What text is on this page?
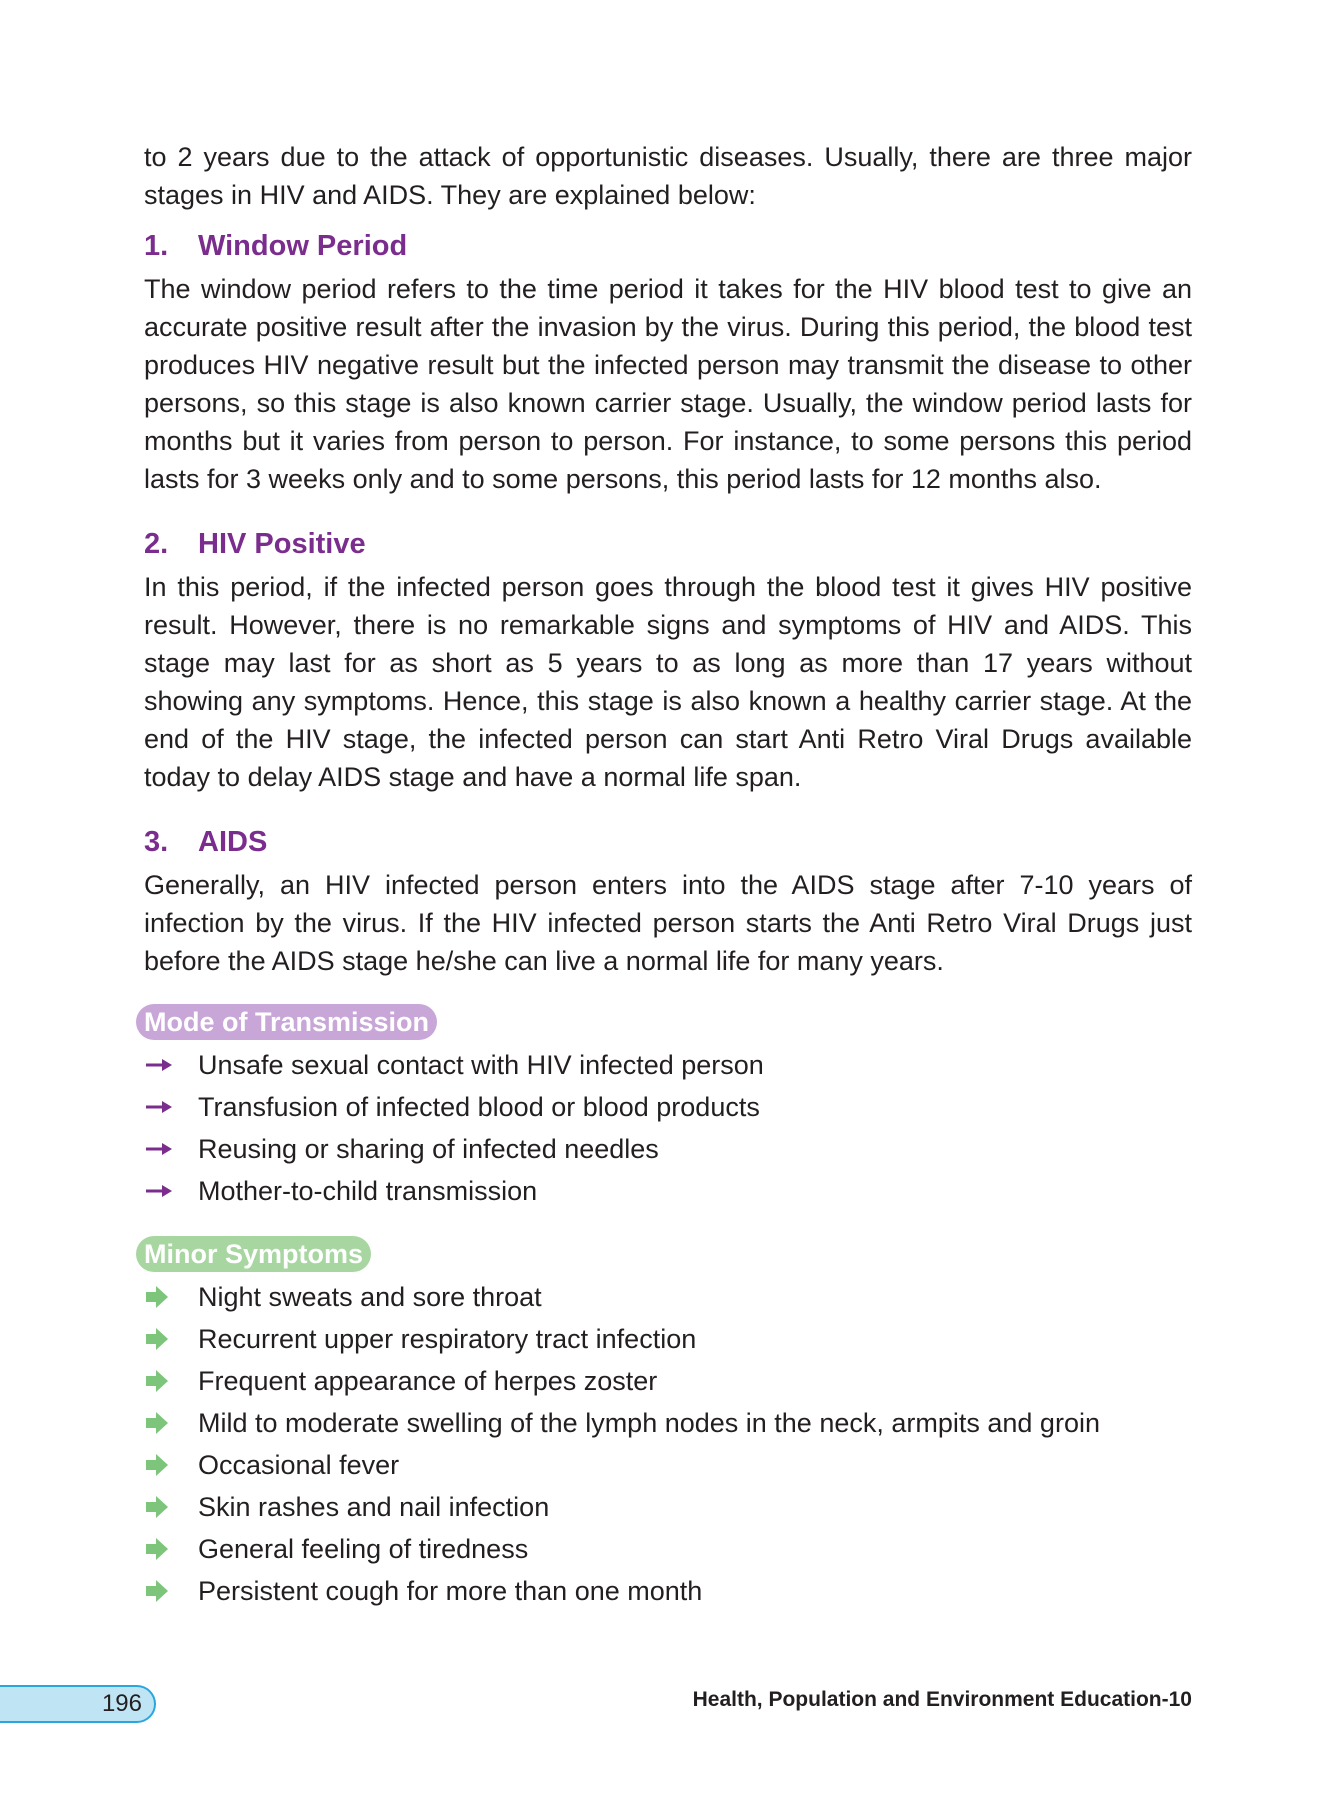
to 2 years due to the attack of opportunistic diseases. Usually, there are three major stages in HIV and AIDS. They are explained below:

1.	Window Period

The window period refers to the time period it takes for the HIV blood test to give an accurate positive result after the invasion by the virus. During this period, the blood test produces HIV negative result but the infected person may transmit the disease to other persons, so this stage is also known carrier stage. Usually, the window period lasts for months but it varies from person to person. For instance, to some persons this period lasts for 3 weeks only and to some persons, this period lasts for 12 months also.

2.	HIV Positive

In this period, if the infected person goes through the blood test it gives HIV positive result. However, there is no remarkable signs and symptoms of HIV and AIDS. This stage may last for as short as 5 years to as long as more than 17 years without showing any symptoms. Hence, this stage is also known a healthy carrier stage. At the end of the HIV stage, the infected person can start Anti Retro Viral Drugs available today to delay AIDS stage and have a normal life span.

3.	AIDS

Generally, an HIV infected person enters into the AIDS stage after 7-10 years of infection by the virus. If the HIV infected person starts the Anti Retro Viral Drugs just before the AIDS stage he/she can live a normal life for many years.

Mode of Transmission
Unsafe sexual contact with HIV infected person
Transfusion of infected blood or blood products
Reusing or sharing of infected needles
Mother-to-child transmission
Minor Symptoms
Night sweats and sore throat
Recurrent upper respiratory tract infection
Frequent appearance of herpes zoster
Mild to moderate swelling of the lymph nodes in the neck, armpits and groin
Occasional fever
Skin rashes and nail infection
General feeling of tiredness
Persistent cough for more than one month
196	Health, Population and Environment Education-10
